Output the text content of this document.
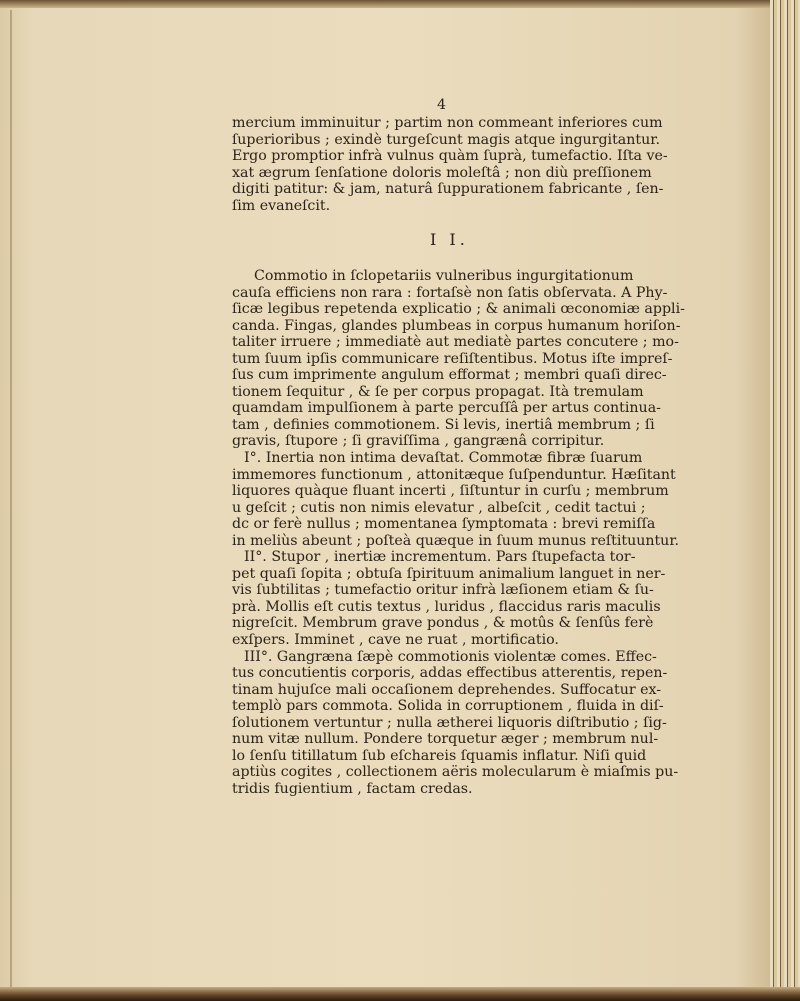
4
mercium imminuitur ; partim non commeant inferiores cum
ſuperioribus ; exindè turgeſcunt magis atque ingurgitantur.
Ergo promptior infrà vulnus quàm ſuprà, tumefactio. Iſta ve-
xat ægrum ſenſatione doloris moleſtâ ; non diù preſſionem
digiti patitur: & jam, naturâ ſuppurationem fabricante , ſen-
ſim evaneſcit.
I I.
Commotio in ſclopetariis vulneribus ingurgitationum
cauſa efficiens non rara : fortaſsè non ſatis obſervata. A Phy-
ſicæ legibus repetenda explicatio ; & animali œconomiæ appli-
canda. Fingas, glandes plumbeas in corpus humanum horiſon-
taliter irruere ; immediatè aut mediatè partes concutere ; mo-
tum ſuum ipſis communicare reſiſtentibus. Motus iſte impreſ-
ſus cum imprimente angulum efformat ; membri quaſi direc-
tionem ſequitur , & ſe per corpus propagat. Ità tremulam
quamdam impulſionem à parte percuſſâ per artus continua-
tam , definies commotionem. Si levis, inertiâ membrum ; ſi
gravis, ſtupore ; ſi graviſſima , gangrænâ corripitur.
I°. Inertia non intima devaſtat. Commotæ fibræ ſuarum
immemores functionum , attonitæque ſuſpenduntur. Hæſitant
liquores quàque fluant incerti , ſiſtuntur in curſu ; membrum
u geſcit ; cutis non nimis elevatur , albeſcit , cedit tactui ;
dc or ferè nullus ; momentanea ſymptomata : brevi remiſſa
in meliùs abeunt ; poſteà quæque in ſuum munus reſtituuntur.
II°. Stupor , inertiæ incrementum. Pars ſtupefacta tor-
pet quaſi ſopita ; obtuſa ſpirituum animalium languet in ner-
vis ſubtilitas ; tumefactio oritur infrà læſionem etiam & ſu-
prà. Mollis eſt cutis textus , luridus , flaccidus raris maculis
nigreſcit. Membrum grave pondus , & motûs & ſenſûs ferè
exſpers. Imminet , cave ne ruat , mortificatio.
III°. Gangræna ſæpè commotionis violentæ comes. Effec-
tus concutientis corporis, addas effectibus atterentis, repen-
tinam hujuſce mali occaſionem deprehendes. Suffocatur ex-
templò pars commota. Solida in corruptionem , fluida in diſ-
ſolutionem vertuntur ; nulla ætherei liquoris diſtributio ; ſig-
num vitæ nullum. Pondere torquetur æger ; membrum nul-
lo ſenſu titillatum ſub eſchareis ſquamis inflatur. Niſi quid
aptiùs cogites , collectionem aëris molecularum è miaſmis pu-
tridis fugientium , factam credas.
